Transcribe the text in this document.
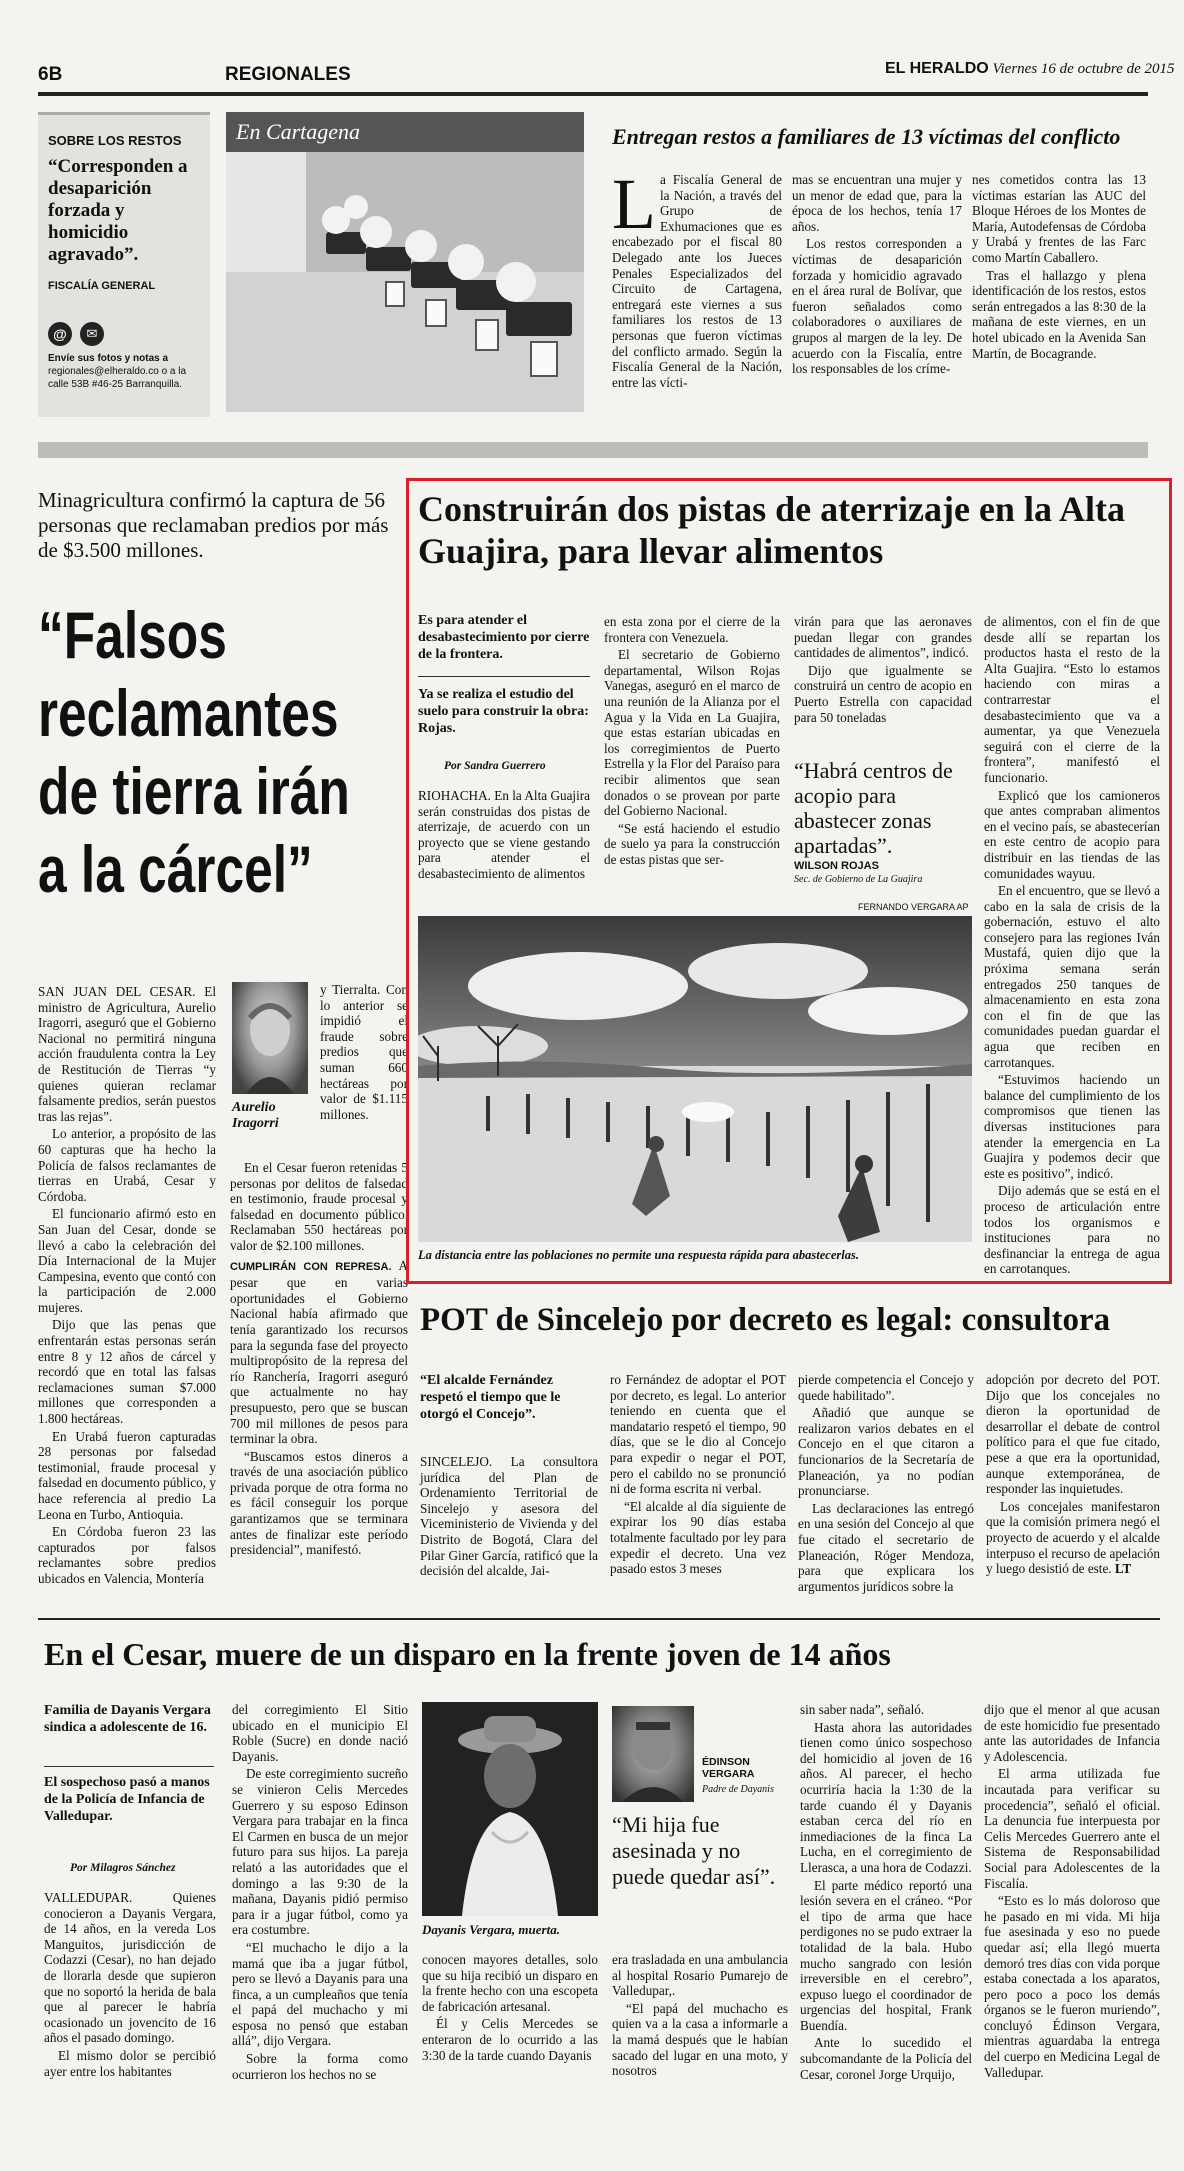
6B	REGIONALES	EL HERALDO Viernes 16 de octubre de 2015
SOBRE LOS RESTOS
“Corresponden a desaparición forzada y homicidio agravado”.
FISCALÍA GENERAL
@	✉
Envíe sus fotos y notas a regionales@elheraldo.co o a la calle 53B #46-25 Barranquilla.
En Cartagena	Entregan restos a familiares de 13 víctimas del conflicto
L a Fiscalía General de la Nación, a través del Grupo de Exhumaciones que es encabezado por el fiscal 80 Delegado ante los Jueces Penales Especializados del Circuito de Cartagena, entregará este viernes a sus familiares los restos de 13 personas que fueron víctimas del conflicto armado. Según la Fiscalía General de la Nación, entre las vícti-

mas se encuentran una mujer y un menor de edad que, para la época de los hechos, tenía 17 años.

Los restos corresponden a víctimas de desaparición forzada y homicidio agravado en el área rural de Bolívar, que fueron señalados como colaboradores o auxiliares de grupos al margen de la ley. De acuerdo con la Fiscalía, entre los responsables de los críme-

nes cometidos contra las 13 víctimas estarían las AUC del Bloque Héroes de los Montes de María, Autodefensas de Córdoba y Urabá y frentes de las Farc como Martín Caballero.

Tras el hallazgo y plena identificación de los restos, estos serán entregados a las 8:30 de la mañana de este viernes, en un hotel ubicado en la Avenida San Martín, de Bocagrande.

Minagricultura confirmó la captura de 56 personas que reclamaban predios por más de $3.500 millones.
“Falsos
reclamantes
de tierra irán
a la cárcel”

SAN JUAN DEL CESAR. El ministro de Agricultura, Aurelio Iragorri, aseguró que el Gobierno Nacional no permitirá ninguna acción fraudulenta contra la Ley de Restitución de Tierras “y quienes quieran reclamar falsamente predios, serán puestos tras las rejas”.

Lo anterior, a propósito de las 60 capturas que ha hecho la Policía de falsos reclamantes de tierras en Urabá, Cesar y Córdoba.

El funcionario afirmó esto en San Juan del Cesar, donde se llevó a cabo la celebración del Día Internacional de la Mujer Campesina, evento que contó con la participación de 2.000 mujeres.

Dijo que las penas que enfrentarán estas personas serán entre 8 y 12 años de cárcel y recordó que en total las falsas reclamaciones suman $7.000 millones que corresponden a 1.800 hectáreas.

En Urabá fueron capturadas 28 personas por falsedad testimonial, fraude procesal y falsedad en documento público, y hace referencia al predio La Leona en Turbo, Antioquia.

En Córdoba fueron 23 las capturados por falsos reclamantes sobre predios ubicados en Valencia, Montería

Aurelio Iragorri

y Tierralta. Con lo anterior se impidió el fraude sobre predios que suman 660 hectáreas por valor de $1.115 millones.

En el Cesar fueron retenidas 5 personas por delitos de falsedad en testimonio, fraude procesal y falsedad en documento público. Reclamaban 550 hectáreas por valor de $2.100 millones.

CUMPLIRÁN CON REPRESA. A pesar que en varias oportunidades el Gobierno Nacional había afirmado que tenía garantizado los recursos para la segunda fase del proyecto multipropósito de la represa del río Ranchería, Iragorri aseguró que actualmente no hay presupuesto, pero que se buscan 700 mil millones de pesos para terminar la obra.

“Buscamos estos dineros a través de una asociación público privada porque de otra forma no es fácil conseguir los porque garantizamos que se terminara antes de finalizar este período presidencial”, manifestó.

Construirán dos pistas de aterrizaje en la Alta Guajira, para llevar alimentos
Es para atender el desabastecimiento por cierre de la frontera.
Ya se realiza el estudio del suelo para construir la obra: Rojas.
Por Sandra Guerrero

RIOHACHA. En la Alta Guajira serán construidas dos pistas de aterrizaje, de acuerdo con un proyecto que se viene gestando para atender el desabastecimiento de alimentos

en esta zona por el cierre de la frontera con Venezuela.

El secretario de Gobierno departamental, Wilson Rojas Vanegas, aseguró en el marco de una reunión de la Alianza por el Agua y la Vida en La Guajira, que estas estarían ubicadas en los corregimientos de Puerto Estrella y la Flor del Paraíso para recibir alimentos que sean donados o se provean por parte del Gobierno Nacional.

“Se está haciendo el estudio de suelo ya para la construcción de estas pistas que ser-

virán para que las aeronaves puedan llegar con grandes cantidades de alimentos”, indicó.

Dijo que igualmente se construirá un centro de acopio en Puerto Estrella con capacidad para 50 toneladas

“Habrá centros de acopio para abastecer zonas apartadas”.
WILSON ROJAS
Sec. de Gobierno de La Guajira
FERNANDO VERGARA AP
La distancia entre las poblaciones no permite una respuesta rápida para abastecerlas.

de alimentos, con el fin de que desde allí se repartan los productos hasta el resto de la Alta Guajira. “Esto lo estamos haciendo con miras a contrarrestar el desabastecimiento que va a aumentar, ya que Venezuela seguirá con el cierre de la frontera”, manifestó el funcionario.

Explicó que los camioneros que antes compraban alimentos en el vecino país, se abastecerían en este centro de acopio para distribuir en las tiendas de las comunidades wayuu.

En el encuentro, que se llevó a cabo en la sala de crisis de la gobernación, estuvo el alto consejero para las regiones Iván Mustafá, quien dijo que la próxima semana serán entregados 250 tanques de almacenamiento en esta zona con el fin de que las comunidades puedan guardar el agua que reciben en carrotanques.

“Estuvimos haciendo un balance del cumplimiento de los compromisos que tienen las diversas instituciones para atender la emergencia en La Guajira y podemos decir que este es positivo”, indicó.

Dijo además que se está en el proceso de articulación entre todos los organismos e instituciones para no desfinanciar la entrega de agua en carrotanques.

POT de Sincelejo por decreto es legal: consultora
“El alcalde Fernández respetó el tiempo que le otorgó el Concejo”.

SINCELEJO. La consultora jurídica del Plan de Ordenamiento Territorial de Sincelejo y asesora del Viceministerio de Vivienda y del Distrito de Bogotá, Clara del Pilar Giner García, ratificó que la decisión del alcalde, Jai-

ro Fernández de adoptar el POT por decreto, es legal. Lo anterior teniendo en cuenta que el mandatario respetó el tiempo, 90 días, que se le dio al Concejo para expedir o negar el POT, pero el cabildo no se pronunció ni de forma escrita ni verbal.

“El alcalde al día siguiente de expirar los 90 días estaba totalmente facultado por ley para expedir el decreto. Una vez pasado estos 3 meses

pierde competencia el Concejo y quede habilitado”.

Añadió que aunque se realizaron varios debates en el Concejo en el que citaron a funcionarios de la Secretaría de Planeación, ya no podían pronunciarse.

Las declaraciones las entregó en una sesión del Concejo al que fue citado el secretario de Planeación, Róger Mendoza, para que explicara los argumentos jurídicos sobre la

adopción por decreto del POT. Dijo que los concejales no dieron la oportunidad de desarrollar el debate de control político para el que fue citado, pese a que era la oportunidad, aunque extemporánea, de responder las inquietudes.

Los concejales manifestaron que la comisión primera negó el proyecto de acuerdo y el alcalde interpuso el recurso de apelación y luego desistió de este. LT

En el Cesar, muere de un disparo en la frente joven de 14 años
Familia de Dayanis Vergara sindica a adolescente de 16.
El sospechoso pasó a manos de la Policía de Infancia de Valledupar.
Por Milagros Sánchez

VALLEDUPAR.	Quienes conocieron a Dayanis Vergara, de 14 años, en la vereda Los Manguitos, jurisdicción de Codazzi (Cesar), no han dejado de llorarla desde que supieron que no soportó la herida de bala que al parecer le habría ocasionado un jovencito de 16 años el pasado domingo.

El mismo dolor se percibió ayer entre los habitantes

del corregimiento El Sitio ubicado en el municipio El Roble (Sucre) en donde nació Dayanis.

De este corregimiento sucreño se vinieron Celis Mercedes Guerrero y su esposo Edinson Vergara para trabajar en la finca El Carmen en busca de un mejor futuro para sus hijos. La pareja relató a las autoridades que el domingo a las 9:30 de la mañana, Dayanis pidió permiso para ir a jugar fútbol, como ya era costumbre.

“El muchacho le dijo a la mamá que iba a jugar fútbol, pero se llevó a Dayanis para una finca, a un cumpleaños que tenía el papá del muchacho y mi esposa no pensó que estaban allá”, dijo Vergara.

Sobre la forma como ocurrieron los hechos no se

Dayanis Vergara, muerta.

conocen mayores detalles, solo que su hija recibió un disparo en la frente hecho con una escopeta de fabricación artesanal.

Él y Celis Mercedes se enteraron de lo ocurrido a las 3:30 de la tarde cuando Dayanis

ÉDINSON VERGARA
Padre de Dayanis
“Mi hija fue asesinada y no puede quedar así”.

era trasladada en una ambulancia al hospital Rosario Pumarejo de Valledupar,.

“El papá del muchacho es quien va a la casa a informarle a la mamá después que le habían sacado del lugar en una moto, y nosotros

sin saber nada”, señaló.

Hasta ahora las autoridades tienen como único sospechoso del homicidio al joven de 16 años. Al parecer, el hecho ocurriría hacia la 1:30 de la tarde cuando él y Dayanis estaban cerca del río en inmediaciones de la finca La Lucha, en el corregimiento de Llerasca, a una hora de Codazzi.

El parte médico reportó una lesión severa en el cráneo. “Por el tipo de arma que hace perdigones no se pudo extraer la totalidad de la bala. Hubo mucho sangrado con lesión irreversible en el cerebro”, expuso luego el coordinador de urgencias del hospital, Frank Buendía.

Ante lo sucedido el subcomandante de la Policía del Cesar, coronel Jorge Urquijo,

dijo que el menor al que acusan de este homicidio fue presentado ante las autoridades de Infancia y Adolescencia.

El arma utilizada fue incautada para verificar su procedencia”, señaló el oficial. La denuncia fue interpuesta por Celis Mercedes Guerrero ante el Sistema de Responsabilidad Social para Adolescentes de la Fiscalía.

“Esto es lo más doloroso que he pasado en mi vida. Mi hija fue asesinada y eso no puede quedar así; ella llegó muerta demoró tres días con vida porque estaba conectada a los aparatos, pero poco a poco los demás órganos se le fueron muriendo”, concluyó Édinson Vergara, mientras aguardaba la entrega del cuerpo en Medicina Legal de Valledupar.
